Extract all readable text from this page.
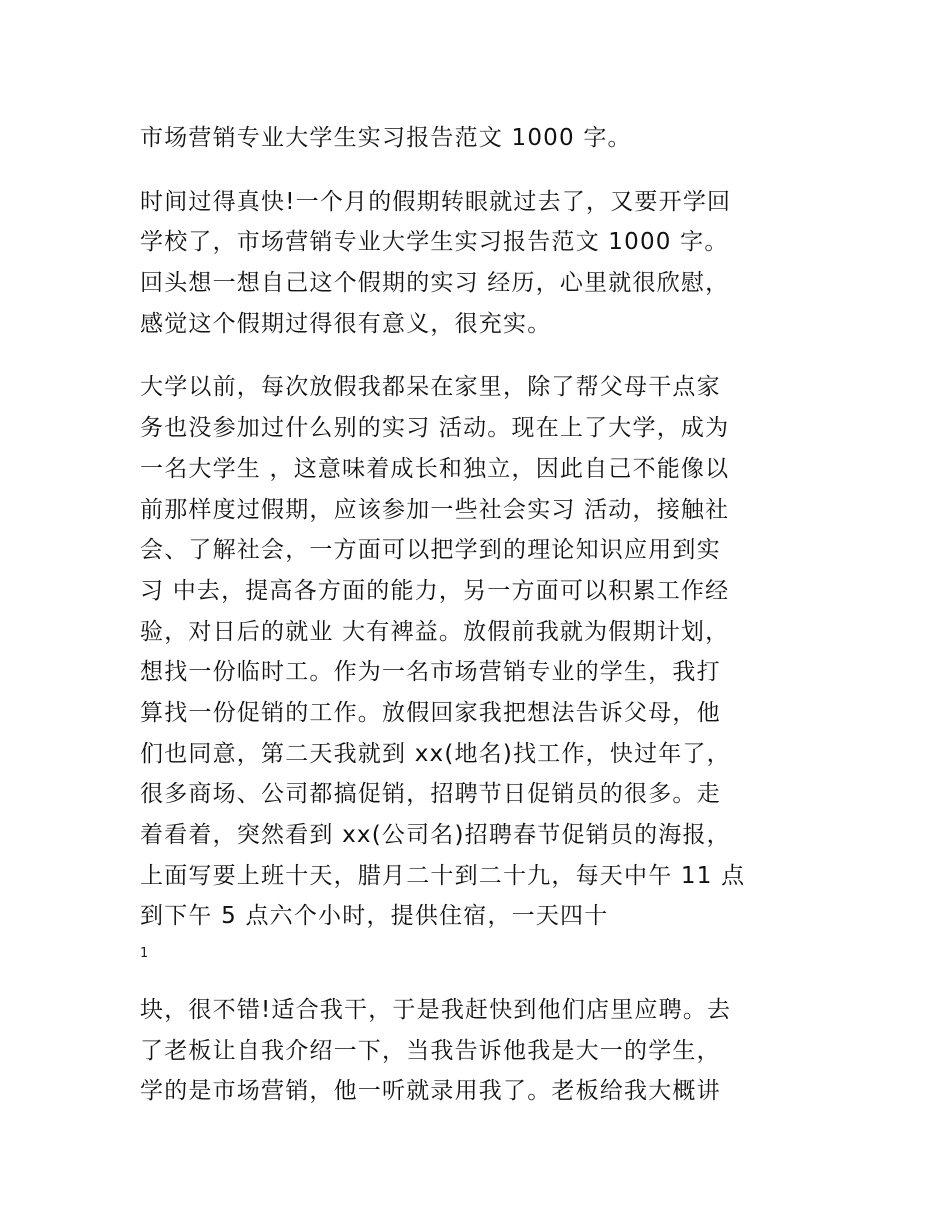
市场营销专业大学生实习报告范文 1000 字。

时间过得真快!一个月的假期转眼就过去了，又要开学回
学校了，市场营销专业大学生实习报告范文 1000 字。
回头想一想自己这个假期的实习 经历，心里就很欣慰，
感觉这个假期过得很有意义，很充实。

大学以前，每次放假我都呆在家里，除了帮父母干点家
务也没参加过什么别的实习 活动。现在上了大学，成为
一名大学生 ，这意味着成长和独立，因此自己不能像以
前那样度过假期，应该参加一些社会实习 活动，接触社
会、了解社会，一方面可以把学到的理论知识应用到实
习 中去，提高各方面的能力，另一方面可以积累工作经
验，对日后的就业 大有裨益。放假前我就为假期计划，
想找一份临时工。作为一名市场营销专业的学生，我打
算找一份促销的工作。放假回家我把想法告诉父母，他
们也同意，第二天我就到 xx(地名)找工作，快过年了，
很多商场、公司都搞促销，招聘节日促销员的很多。走
着看着，突然看到 xx(公司名)招聘春节促销员的海报，
上面写要上班十天，腊月二十到二十九，每天中午 11 点
到下午 5 点六个小时，提供住宿，一天四十

1

块，很不错!适合我干，于是我赶快到他们店里应聘。去
了老板让自我介绍一下，当我告诉他我是大一的学生，
学的是市场营销，他一听就录用我了。老板给我大概讲
